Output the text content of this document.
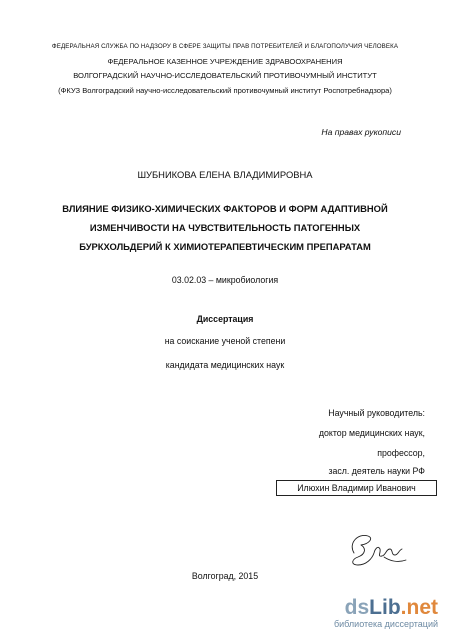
ФЕДЕРАЛЬНАЯ СЛУЖБА ПО НАДЗОРУ В СФЕРЕ ЗАЩИТЫ ПРАВ ПОТРЕБИТЕЛЕЙ И БЛАГОПОЛУЧИЯ ЧЕЛОВЕКА
ФЕДЕРАЛЬНОЕ КАЗЕННОЕ УЧРЕЖДЕНИЕ ЗДРАВООХРАНЕНИЯ
ВОЛГОГРАДСКИЙ НАУЧНО-ИССЛЕДОВАТЕЛЬСКИЙ ПРОТИВОЧУМНЫЙ ИНСТИТУТ
(ФКУЗ Волгоградский научно-исследовательский противочумный институт Роспотребнадзора)
На правах рукописи
ШУБНИКОВА ЕЛЕНА ВЛАДИМИРОВНА
ВЛИЯНИЕ ФИЗИКО-ХИМИЧЕСКИХ ФАКТОРОВ И ФОРМ АДАПТИВНОЙ
ИЗМЕНЧИВОСТИ НА ЧУВСТВИТЕЛЬНОСТЬ ПАТОГЕННЫХ
БУРКХОЛЬДЕРИЙ К ХИМИОТЕРАПЕВТИЧЕСКИМ ПРЕПАРАТАМ
03.02.03 – микробиология
Диссертация
на соискание ученой степени
кандидата медицинских наук
Научный руководитель:
доктор медицинских наук,
профессор,
засл. деятель науки РФ
Илюхин Владимир Иванович
Волгоград, 2015
dsLib.net
библиотека диссертаций
